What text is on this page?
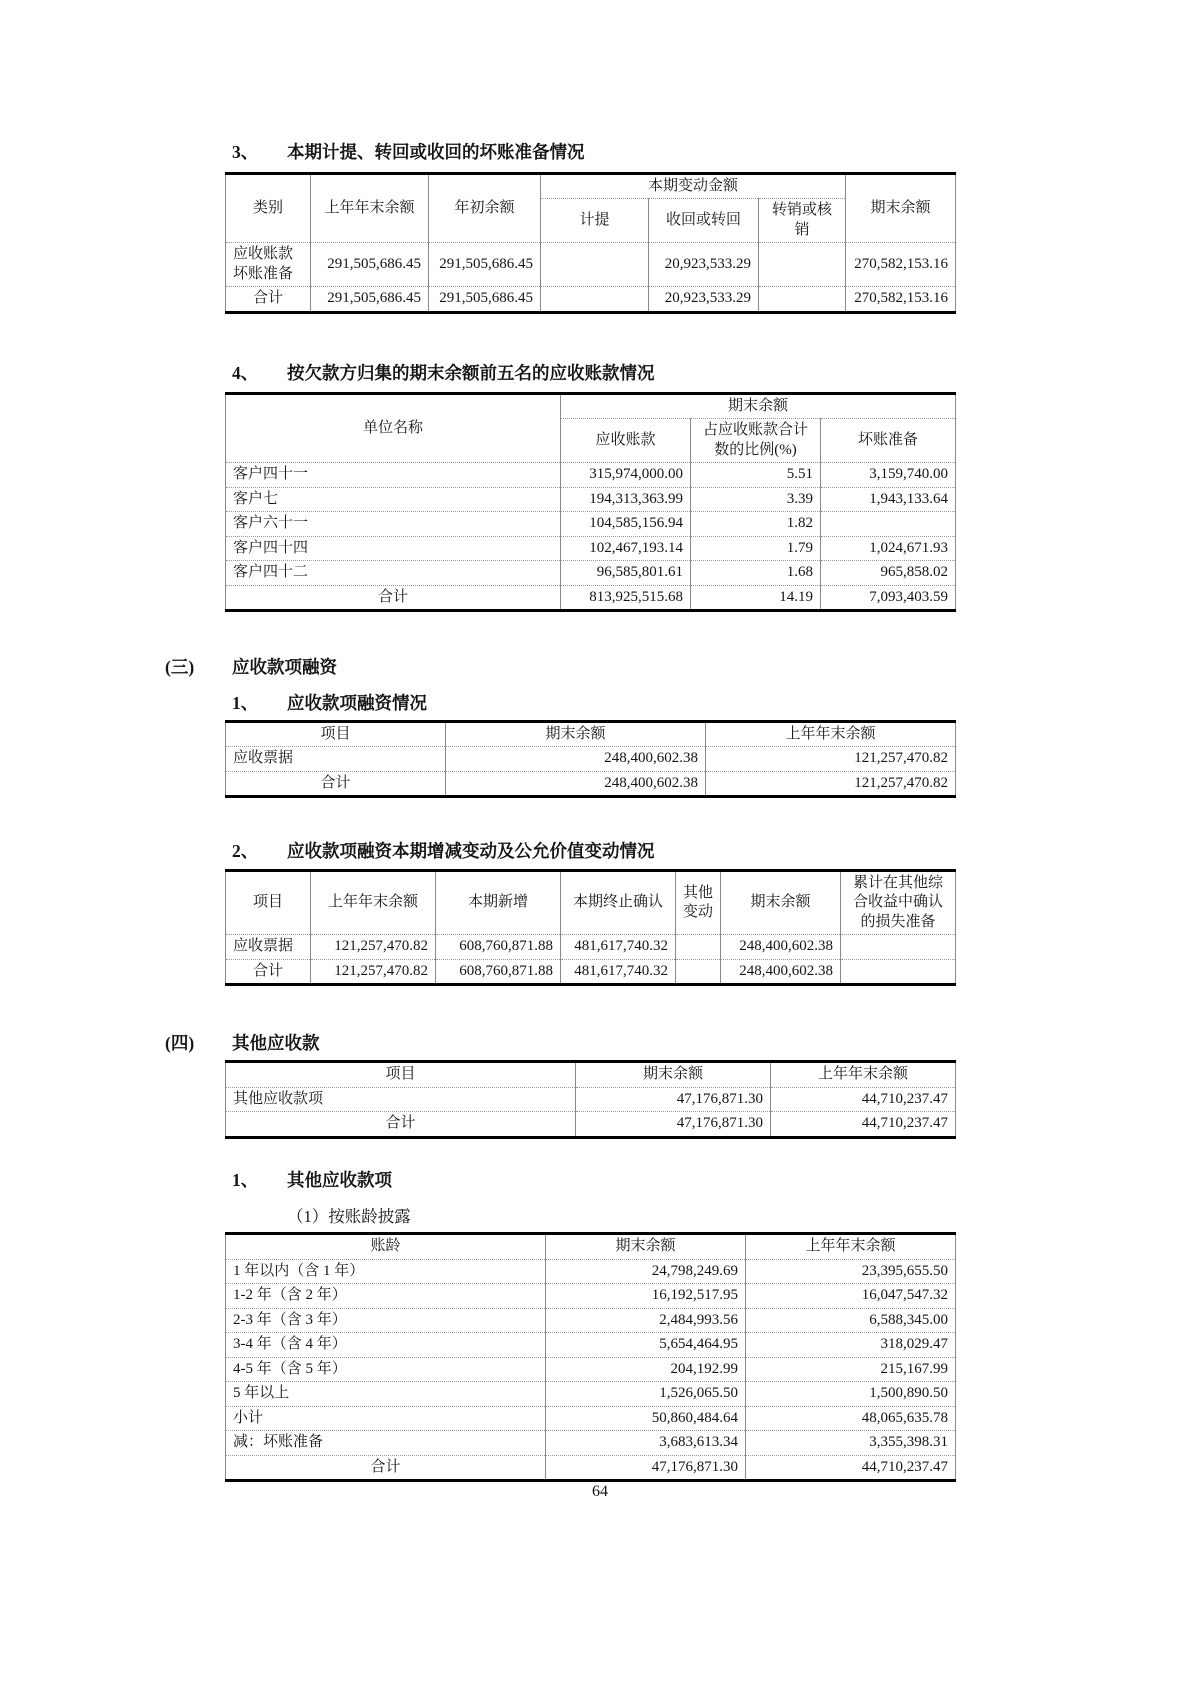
3、	本期计提、转回或收回的坏账准备情况
类别	上年年末余额	年初余额	本期变动金额			期末余额
			计提	收回或转回	转销或核销	
应收账款坏账准备	291,505,686.45	291,505,686.45		20,923,533.29		270,582,153.16
合计	291,505,686.45	291,505,686.45		20,923,533.29		270,582,153.16
4、	按欠款方归集的期末余额前五名的应收账款情况
单位名称	期末余额		
	应收账款	占应收账款合计数的比例(%)	坏账准备
客户四十一	315,974,000.00	5.51	3,159,740.00
客户七	194,313,363.99	3.39	1,943,133.64
客户六十一	104,585,156.94	1.82	
客户四十四	102,467,193.14	1.79	1,024,671.93
客户四十二	96,585,801.61	1.68	965,858.02
合计	813,925,515.68	14.19	7,093,403.59
(三)	应收款项融资
1、	应收款项融资情况
项目	期末余额	上年年末余额
应收票据	248,400,602.38	121,257,470.82
合计	248,400,602.38	121,257,470.82
2、	应收款项融资本期增减变动及公允价值变动情况
项目	上年年末余额	本期新增	本期终止确认	其他变动	期末余额	累计在其他综合收益中确认的损失准备
应收票据	121,257,470.82	608,760,871.88	481,617,740.32		248,400,602.38	
合计	121,257,470.82	608,760,871.88	481,617,740.32		248,400,602.38	
(四)	其他应收款
项目	期末余额	上年年末余额
其他应收款项	47,176,871.30	44,710,237.47
合计	47,176,871.30	44,710,237.47
1、	其他应收款项
（1）按账龄披露
账龄	期末余额	上年年末余额
1 年以内（含 1 年）	24,798,249.69	23,395,655.50
1-2 年（含 2 年）	16,192,517.95	16,047,547.32
2-3 年（含 3 年）	2,484,993.56	6,588,345.00
3-4 年（含 4 年）	5,654,464.95	318,029.47
4-5 年（含 5 年）	204,192.99	215,167.99
5 年以上	1,526,065.50	1,500,890.50
小计	50,860,484.64	48,065,635.78
减：坏账准备	3,683,613.34	3,355,398.31
合计	47,176,871.30	44,710,237.47
64
